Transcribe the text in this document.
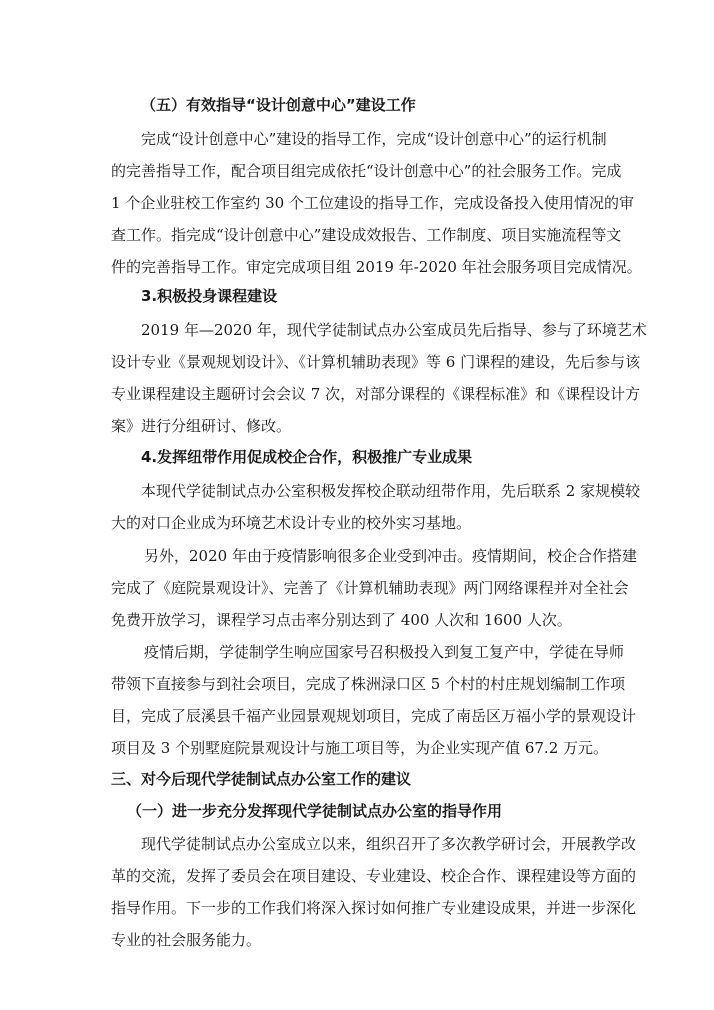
（五）有效指导“设计创意中心”建设工作
完成“设计创意中心”建设的指导工作，完成“设计创意中心”的运行机制
的完善指导工作，配合项目组完成依托“设计创意中心”的社会服务工作。完成
1 个企业驻校工作室约 30 个工位建设的指导工作，完成设备投入使用情况的审
查工作。指完成“设计创意中心”建设成效报告、工作制度、项目实施流程等文
件的完善指导工作。审定完成项目组 2019 年-2020 年社会服务项目完成情况。
3.积极投身课程建设
2019 年—2020 年，现代学徒制试点办公室成员先后指导、参与了环境艺术
设计专业《景观规划设计》、《计算机辅助表现》等 6 门课程的建设，先后参与该
专业课程建设主题研讨会会议 7 次，对部分课程的《课程标准》和《课程设计方
案》进行分组研讨、修改。
4.发挥纽带作用促成校企合作，积极推广专业成果
本现代学徒制试点办公室积极发挥校企联动纽带作用，先后联系 2 家规模较
大的对口企业成为环境艺术设计专业的校外实习基地。
另外，2020 年由于疫情影响很多企业受到冲击。疫情期间，校企合作搭建
完成了《庭院景观设计》、完善了《计算机辅助表现》两门网络课程并对全社会
免费开放学习，课程学习点击率分别达到了 400 人次和 1600 人次。
疫情后期，学徒制学生响应国家号召积极投入到复工复产中，学徒在导师
带领下直接参与到社会项目，完成了株洲渌口区 5 个村的村庄规划编制工作项
目，完成了辰溪县千福产业园景观规划项目，完成了南岳区万福小学的景观设计
项目及 3 个别墅庭院景观设计与施工项目等，为企业实现产值 67.2 万元。
三、对今后现代学徒制试点办公室工作的建议
（一）进一步充分发挥现代学徒制试点办公室的指导作用
现代学徒制试点办公室成立以来，组织召开了多次教学研讨会，开展教学改
革的交流，发挥了委员会在项目建设、专业建设、校企合作、课程建设等方面的
指导作用。下一步的工作我们将深入探讨如何推广专业建设成果，并进一步深化
专业的社会服务能力。
